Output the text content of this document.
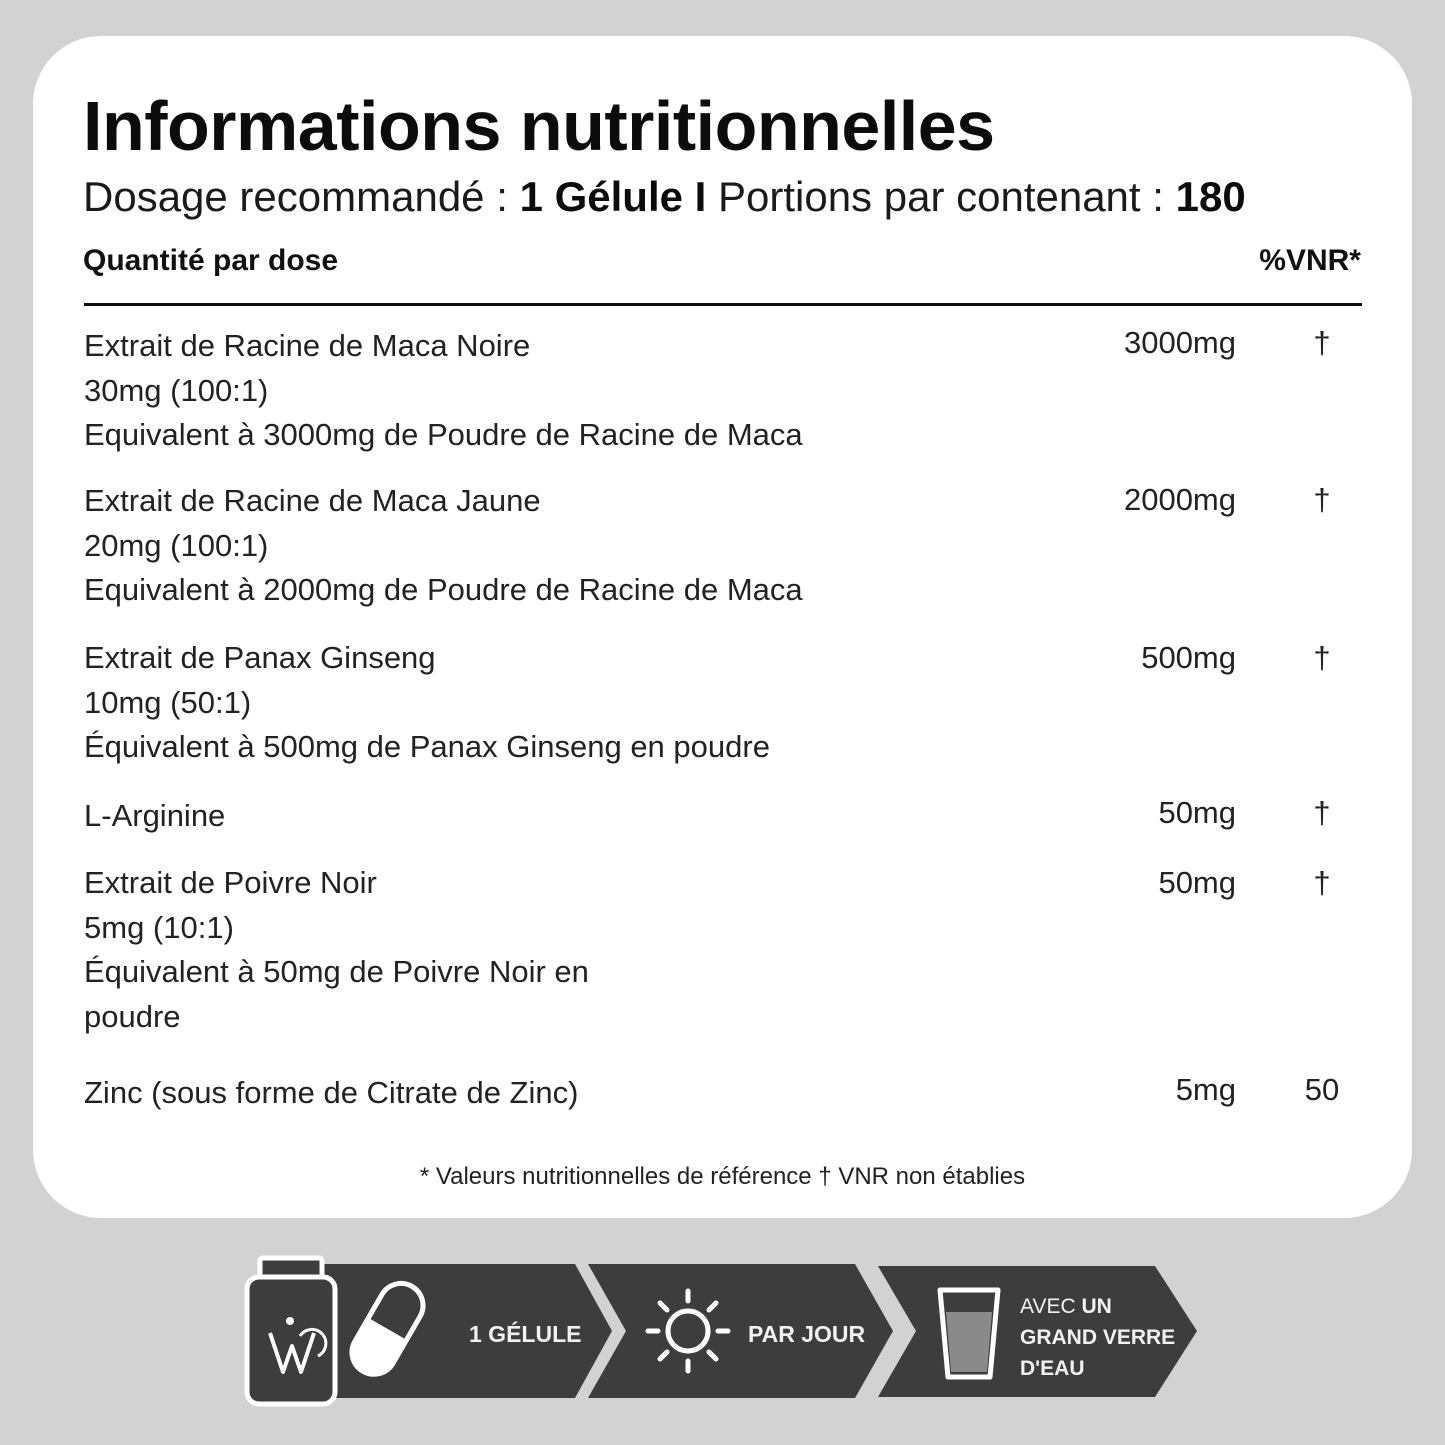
Informations nutritionnelles
Dosage recommandé : 1 Gélule I Portions par contenant : 180
Quantité par dose	%VNR*
Extrait de Racine de Maca Noire
30mg (100:1)
Equivalent à 3000mg de Poudre de Racine de Maca
3000mg	†
Extrait de Racine de Maca Jaune
20mg (100:1)
Equivalent à 2000mg de Poudre de Racine de Maca
2000mg	†
Extrait de Panax Ginseng
10mg (50:1)
Équivalent à 500mg de Panax Ginseng en poudre
500mg	†
L-Arginine	50mg	†
Extrait de Poivre Noir
5mg (10:1)
Équivalent à 50mg de Poivre Noir en
poudre
50mg	†
Zinc (sous forme de Citrate de Zinc)	5mg 50
* Valeurs nutritionnelles de référence † VNR non établies
1 GÉLULE	PAR JOUR
AVEC UN
GRAND VERRE
D'EAU
